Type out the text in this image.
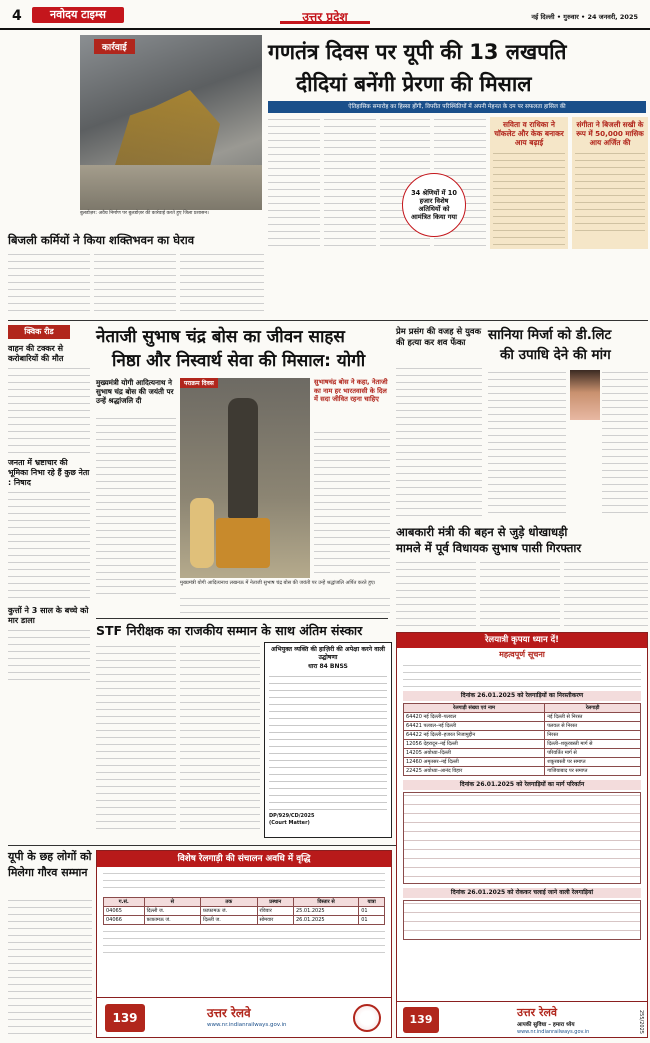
4	नवोदय टाइम्स	उत्तर प्रदेश	नई दिल्ली • गुरुवार • 24 जनवरी, 2025
कार्रवाई
बुलडोज़र: अवैध निर्माण पर बुलडोज़र की कार्रवाई करते हुए जिला प्रशासन।
गणतंत्र दिवस पर यूपी की 13 लखपति
दीदियां बनेंगी प्रेरणा की मिसाल
ऐतिहासिक समारोह का हिस्सा होंगी, विपरीत परिस्थितियों में अपनी मेहनत के दम पर सफलता हासिल की
34 श्रेणियों में 10 हजार विशेष अतिथियों को आमंत्रित किया गया
सविता व राधिका ने चॉकलेट और केक बनाकर आय बढ़ाई
संगीता ने बिजली सखी के रूप में 50,000 मासिक आय अर्जित की
बिजली कर्मियों ने किया शक्तिभवन का घेराव
क्विक रीड
वाहन की टक्कर से करोबारियों की मौत
जनता में भ्रष्टाचार की भूमिका निभा रहे हैं कुछ नेता : निषाद
कुत्तों ने 3 साल के बच्चे को मार डाला
नेताजी सुभाष चंद्र बोस का जीवन साहस
निष्ठा और निस्वार्थ सेवा की मिसाल: योगी
मुख्यमंत्री योगी आदित्यनाथ ने सुभाष चंद्र बोस की जयंती पर उन्हें श्रद्धांजलि दी
पराक्रम दिवस	सुभाषचंद्र बोस ने कहा, नेताजी का नाम हर भारतवासी के दिल में सदा जीवित रहना चाहिए
मुख्यमंत्री योगी आदित्यनाथ लखनऊ में नेताजी सुभाष चंद्र बोस की जयंती पर उन्हें श्रद्धांजलि अर्पित करते हुए।
प्रेम प्रसंग की वजह से युवक की हत्या कर शव फेंका	सानिया मिर्जा को डी.लिट
की उपाधि देने की मांग
आबकारी मंत्री की बहन से जुड़े धोखाधड़ी
मामले में पूर्व विधायक सुभाष पासी गिरफ्तार
STF निरीक्षक का राजकीय सम्मान के साथ अंतिम संस्कार
अभियुक्त व्यक्ति की हाज़िरी की अपेक्षा करने वाली उद्घोषणा
धारा 84 BNSS
DP/929/CD/2025
(Court Matter)
यूपी के छह लोगों को
मिलेगा गौरव सम्मान
विशेष रेलगाड़ी की संचालन अवधि में वृद्धि
ग.सं.	से	तक	प्रस्थान	विस्तार से	यात्रा
04065	दिल्ली ज.	फ़ाफ़ामऊ जं.	रविवार	25.01.2025	01
04066	फ़ाफ़ामऊ जं.	दिल्ली ज.	सोमवार	26.01.2025	01
139	उत्तर रेलवे
www.nr.indianrailways.gov.in
रेलयात्री कृपया ध्यान दें!
महत्वपूर्ण सूचना
दिनांक 26.01.2025 को रेलगाड़ियों का निरस्तीकरण
रेलगाड़ी संख्या एवं नाम	रेलगाड़ी
64420 नई दिल्ली–पलवल	नई दिल्ली से निरस्त
64421 पलवल–नई दिल्ली	पलवल से निरस्त
64422 नई दिल्ली–हजरत निजामुद्दीन	निरस्त
12056 देहरादून–नई दिल्ली	दिल्ली–शकूरबस्ती मार्ग से
14205 अयोध्या–दिल्ली	परिवर्तित मार्ग से
12460 अमृतसर–नई दिल्ली	शकूरबस्ती पर समाप्त
22425 अयोध्या–आनंद विहार	गाजियाबाद पर समाप्त
दिनांक 26.01.2025 को रेलगाड़ियों का मार्ग परिवर्तन
दिनांक 26.01.2025 को रोककर चलाई जाने वाली रेलगाड़ियां
139
उत्तर रेलवे
आपकी सुविधा – हमारा ध्येय
www.nr.indianrailways.gov.in	255/2025
